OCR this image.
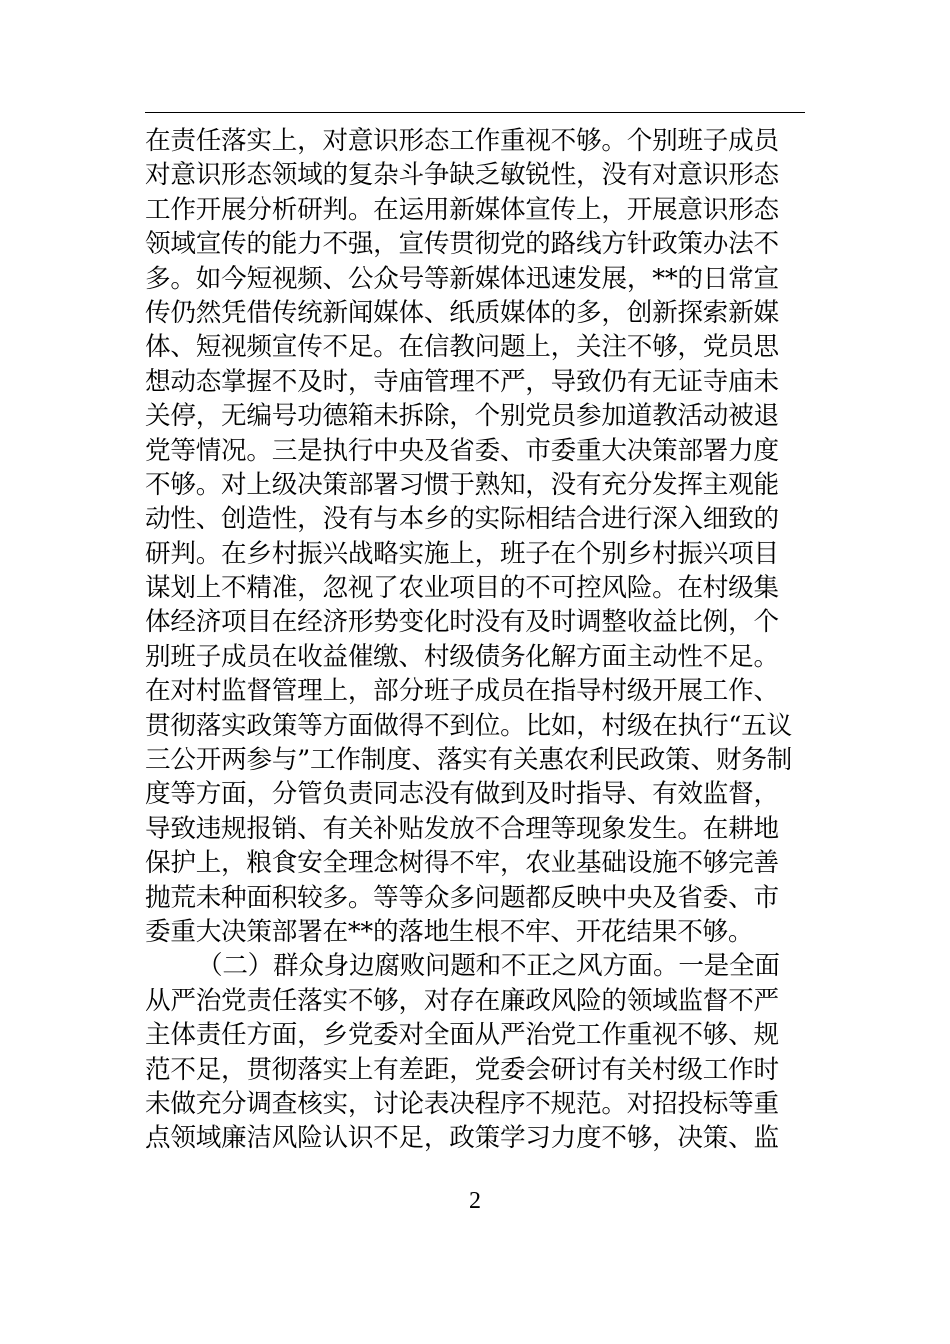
在责任落实上，对意识形态工作重视不够。个别班子成员
对意识形态领域的复杂斗争缺乏敏锐性，没有对意识形态
工作开展分析研判。在运用新媒体宣传上，开展意识形态
领域宣传的能力不强，宣传贯彻党的路线方针政策办法不
多。如今短视频、公众号等新媒体迅速发展，**的日常宣
传仍然凭借传统新闻媒体、纸质媒体的多，创新探索新媒
体、短视频宣传不足。在信教问题上，关注不够，党员思
想动态掌握不及时，寺庙管理不严，导致仍有无证寺庙未
关停，无编号功德箱未拆除，个别党员参加道教活动被退
党等情况。三是执行中央及省委、市委重大决策部署力度
不够。对上级决策部署习惯于熟知，没有充分发挥主观能
动性、创造性，没有与本乡的实际相结合进行深入细致的
研判。在乡村振兴战略实施上，班子在个别乡村振兴项目
谋划上不精准，忽视了农业项目的不可控风险。在村级集
体经济项目在经济形势变化时没有及时调整收益比例，个
别班子成员在收益催缴、村级债务化解方面主动性不足。
在对村监督管理上，部分班子成员在指导村级开展工作、
贯彻落实政策等方面做得不到位。比如，村级在执行“五议
三公开两参与”工作制度、落实有关惠农利民政策、财务制
度等方面，分管负责同志没有做到及时指导、有效监督，
导致违规报销、有关补贴发放不合理等现象发生。在耕地
保护上，粮食安全理念树得不牢，农业基础设施不够完善
抛荒未种面积较多。等等众多问题都反映中央及省委、市
委重大决策部署在**的落地生根不牢、开花结果不够。
（二）群众身边腐败问题和不正之风方面。一是全面
从严治党责任落实不够，对存在廉政风险的领域监督不严
主体责任方面，乡党委对全面从严治党工作重视不够、规
范不足，贯彻落实上有差距，党委会研讨有关村级工作时
未做充分调查核实，讨论表决程序不规范。对招投标等重
点领域廉洁风险认识不足，政策学习力度不够，决策、监
2
